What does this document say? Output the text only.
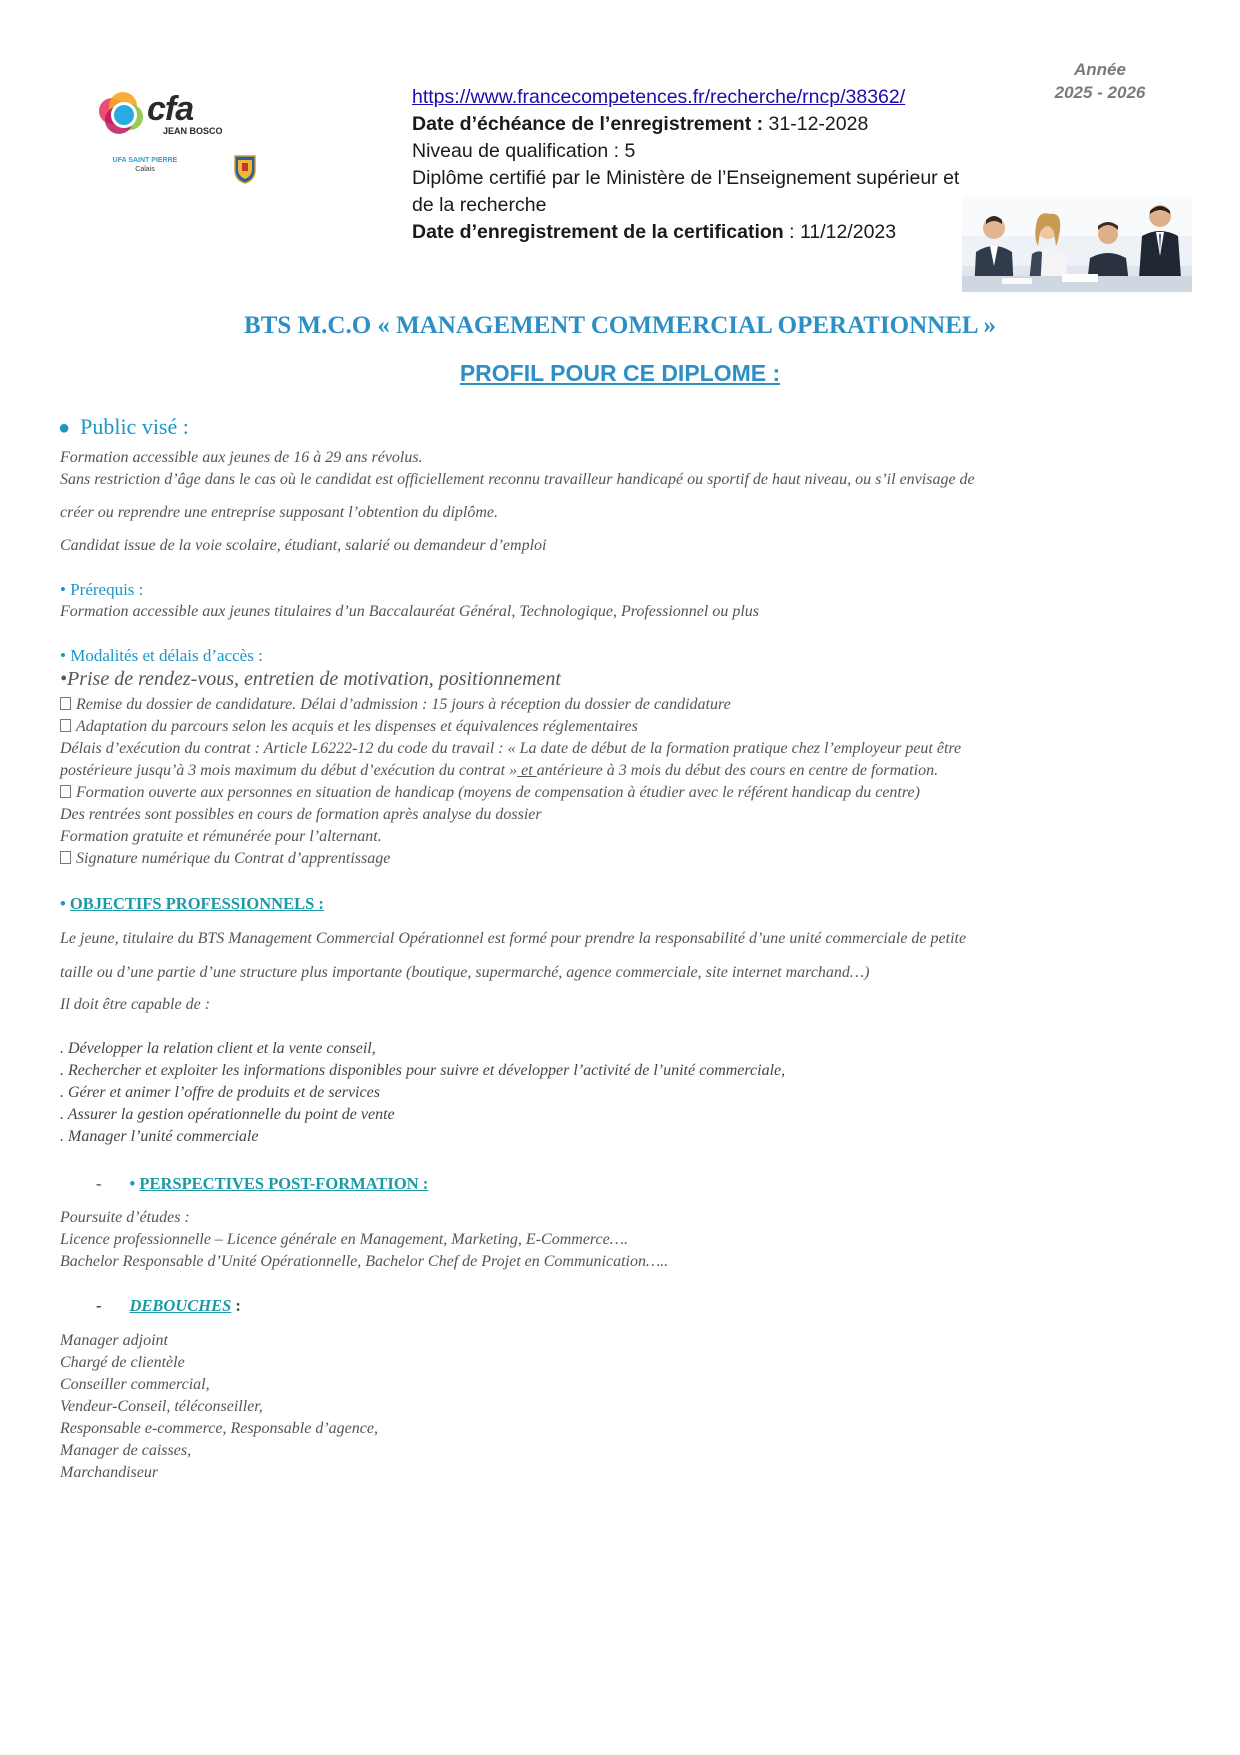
cfa
JEAN BOSCO
UFA SAINT PIERRE
Calais
https://www.francecompetences.fr/recherche/rncp/38362/
Date d’échéance de l’enregistrement : 31-12-2028
Niveau de qualification : 5
Diplôme certifié par le Ministère de l’Enseignement supérieur et
de la recherche
Date d’enregistrement de la certification : 11/12/2023
Année
2025 - 2026
BTS M.C.O « MANAGEMENT COMMERCIAL OPERATIONNEL »
PROFIL POUR CE DIPLOME :
● Public visé :
Formation accessible aux jeunes de 16 à 29 ans révolus.
Sans restriction d’âge dans le cas où le candidat est officiellement reconnu travailleur handicapé ou sportif de haut niveau, ou s’il envisage de
créer ou reprendre une entreprise supposant l’obtention du diplôme.
Candidat issue de la voie scolaire, étudiant, salarié ou demandeur d’emploi
• Prérequis :
Formation accessible aux jeunes titulaires d’un Baccalauréat Général, Technologique, Professionnel ou plus
• Modalités et délais d’accès :
•Prise de rendez-vous, entretien de motivation, positionnement
Remise du dossier de candidature. Délai d’admission : 15 jours à réception du dossier de candidature
Adaptation du parcours selon les acquis et les dispenses et équivalences réglementaires
Délais d’exécution du contrat : Article L6222-12 du code du travail : « La date de début de la formation pratique chez l’employeur peut être
postérieure jusqu’à 3 mois maximum du début d’exécution du contrat » et antérieure à 3 mois du début des cours en centre de formation.
Formation ouverte aux personnes en situation de handicap (moyens de compensation à étudier avec le référent handicap du centre)
Des rentrées sont possibles en cours de formation après analyse du dossier
Formation gratuite et rémunérée pour l’alternant.
Signature numérique du Contrat d’apprentissage
• OBJECTIFS PROFESSIONNELS :
Le jeune, titulaire du BTS Management Commercial Opérationnel est formé pour prendre la responsabilité d’une unité commerciale de petite
taille ou d’une partie d’une structure plus importante (boutique, supermarché, agence commerciale, site internet marchand…)
Il doit être capable de :
. Développer la relation client et la vente conseil,
. Rechercher et exploiter les informations disponibles pour suivre et développer l’activité de l’unité commerciale,
. Gérer et animer l’offre de produits et de services
. Assurer la gestion opérationnelle du point de vente
. Manager l’unité commerciale
- • PERSPECTIVES POST-FORMATION :
Poursuite d’études :
Licence professionnelle – Licence générale en Management, Marketing, E-Commerce….
Bachelor Responsable d’Unité Opérationnelle, Bachelor Chef de Projet en Communication…..
- DEBOUCHES :
Manager adjoint
Chargé de clientèle
Conseiller commercial,
Vendeur-Conseil, téléconseiller,
Responsable e-commerce, Responsable d’agence,
Manager de caisses,
Marchandiseur
